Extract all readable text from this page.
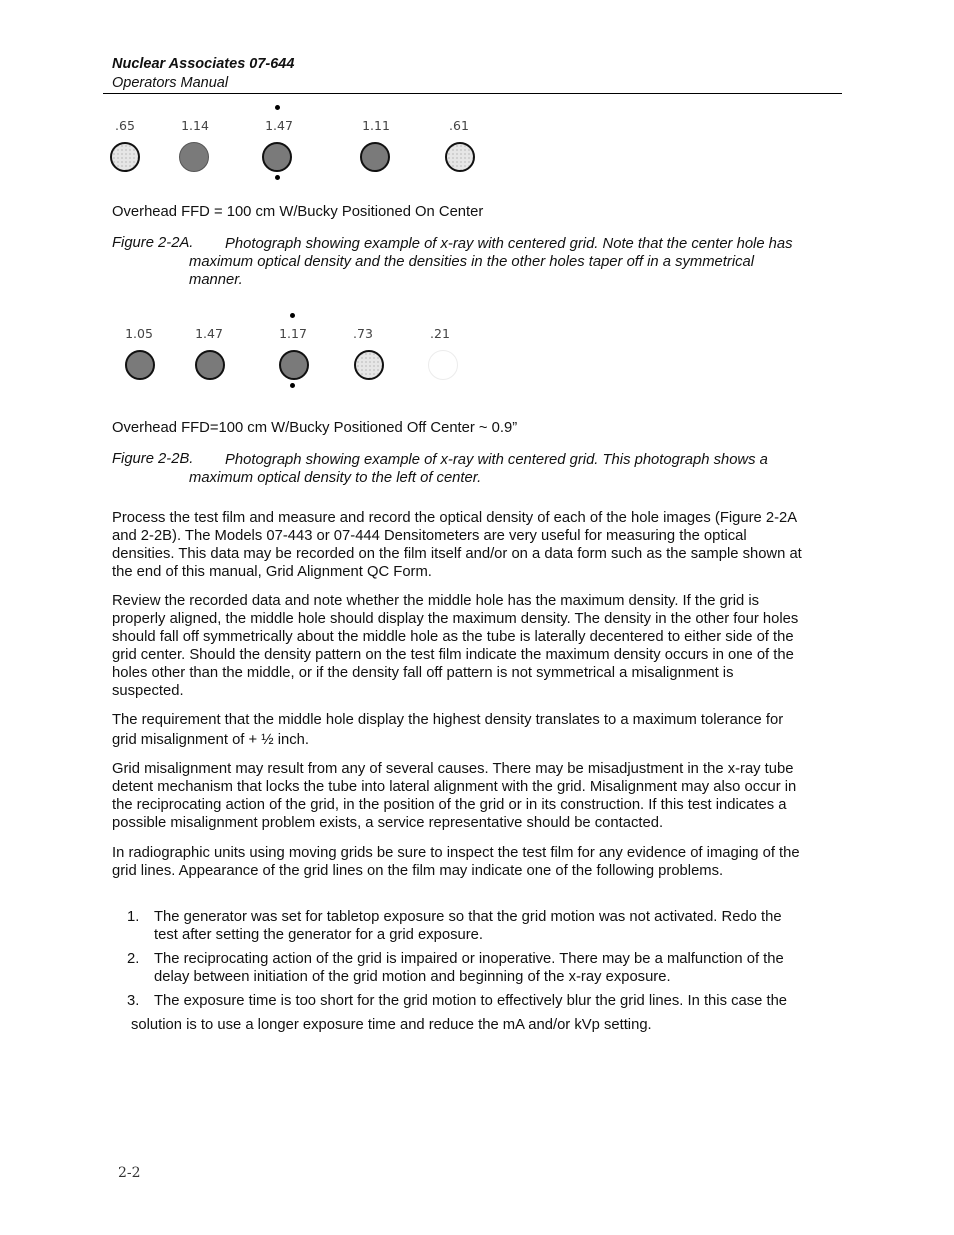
Nuclear Associates 07-644
Operators Manual
.65	1.14	1.47	1.11	.61
Overhead FFD = 100 cm W/Bucky Positioned On Center
Figure 2-2A. Photograph showing example of x-ray with centered grid. Note that the center hole has
maximum optical density and the densities in the other holes taper off in a symmetrical
manner.
1.05	1.47	1.17	.73	.21
Overhead FFD=100 cm W/Bucky Positioned Off Center ~ 0.9”
Figure 2-2B. Photograph showing example of x-ray with centered grid. This photograph shows a
maximum optical density to the left of center.
Process the test film and measure and record the optical density of each of the hole images (Figure 2-2A
and 2-2B). The Models 07-443 or 07-444 Densitometers are very useful for measuring the optical
densities. This data may be recorded on the film itself and/or on a data form such as the sample shown at
the end of this manual, Grid Alignment QC Form.
Review the recorded data and note whether the middle hole has the maximum density. If the grid is
properly aligned, the middle hole should display the maximum density. The density in the other four holes
should fall off symmetrically about the middle hole as the tube is laterally decentered to either side of the
grid center. Should the density pattern on the test film indicate the maximum density occurs in one of the
holes other than the middle, or if the density fall off pattern is not symmetrical a misalignment is
suspected.
The requirement that the middle hole display the highest density translates to a maximum tolerance for
grid misalignment of + ½ inch.
Grid misalignment may result from any of several causes. There may be misadjustment in the x-ray tube
detent mechanism that locks the tube into lateral alignment with the grid. Misalignment may also occur in
the reciprocating action of the grid, in the position of the grid or in its construction. If this test indicates a
possible misalignment problem exists, a service representative should be contacted.
In radiographic units using moving grids be sure to inspect the test film for any evidence of imaging of the
grid lines. Appearance of the grid lines on the film may indicate one of the following problems.
1. The generator was set for tabletop exposure so that the grid motion was not activated. Redo the
test after setting the generator for a grid exposure.
2. The reciprocating action of the grid is impaired or inoperative. There may be a malfunction of the
delay between initiation of the grid motion and beginning of the x-ray exposure.
3. The exposure time is too short for the grid motion to effectively blur the grid lines. In this case the
solution is to use a longer exposure time and reduce the mA and/or kVp setting.
2-2
